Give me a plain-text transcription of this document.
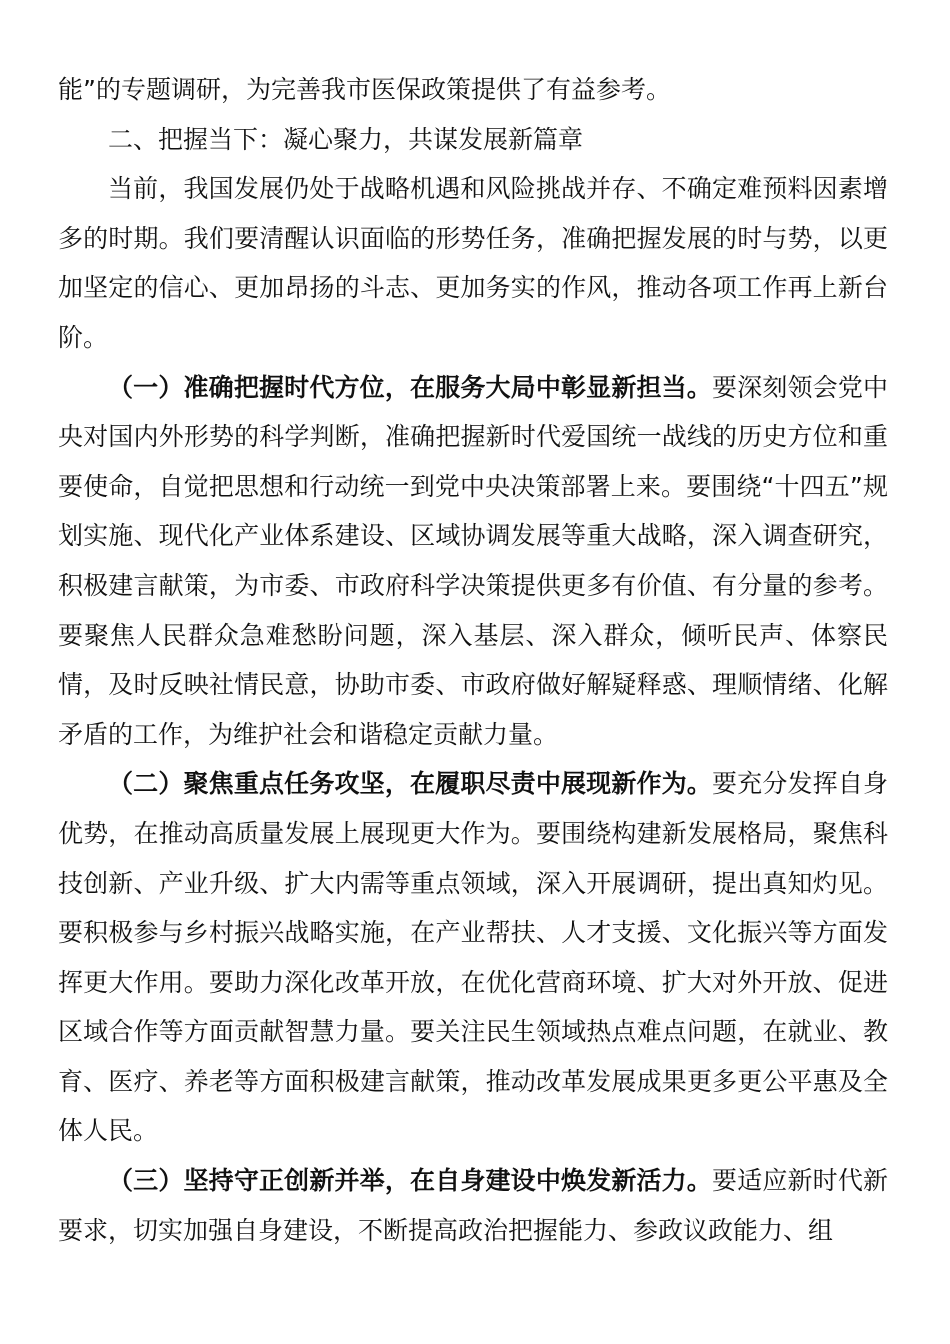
能”的专题调研，为完善我市医保政策提供了有益参考。

二、把握当下：凝心聚力，共谋发展新篇章

当前，我国发展仍处于战略机遇和风险挑战并存、不确定难预料因素增多的时期。我们要清醒认识面临的形势任务，准确把握发展的时与势，以更加坚定的信心、更加昂扬的斗志、更加务实的作风，推动各项工作再上新台阶。

（一）准确把握时代方位，在服务大局中彰显新担当。要深刻领会党中央对国内外形势的科学判断，准确把握新时代爱国统一战线的历史方位和重要使命，自觉把思想和行动统一到党中央决策部署上来。要围绕“十四五”规划实施、现代化产业体系建设、区域协调发展等重大战略，深入调查研究，积极建言献策，为市委、市政府科学决策提供更多有价值、有分量的参考。要聚焦人民群众急难愁盼问题，深入基层、深入群众，倾听民声、体察民情，及时反映社情民意，协助市委、市政府做好解疑释惑、理顺情绪、化解矛盾的工作，为维护社会和谐稳定贡献力量。

（二）聚焦重点任务攻坚，在履职尽责中展现新作为。要充分发挥自身优势，在推动高质量发展上展现更大作为。要围绕构建新发展格局，聚焦科技创新、产业升级、扩大内需等重点领域，深入开展调研，提出真知灼见。要积极参与乡村振兴战略实施，在产业帮扶、人才支援、文化振兴等方面发挥更大作用。要助力深化改革开放，在优化营商环境、扩大对外开放、促进区域合作等方面贡献智慧力量。要关注民生领域热点难点问题，在就业、教育、医疗、养老等方面积极建言献策，推动改革发展成果更多更公平惠及全体人民。

（三）坚持守正创新并举，在自身建设中焕发新活力。要适应新时代新要求，切实加强自身建设，不断提高政治把握能力、参政议政能力、组
